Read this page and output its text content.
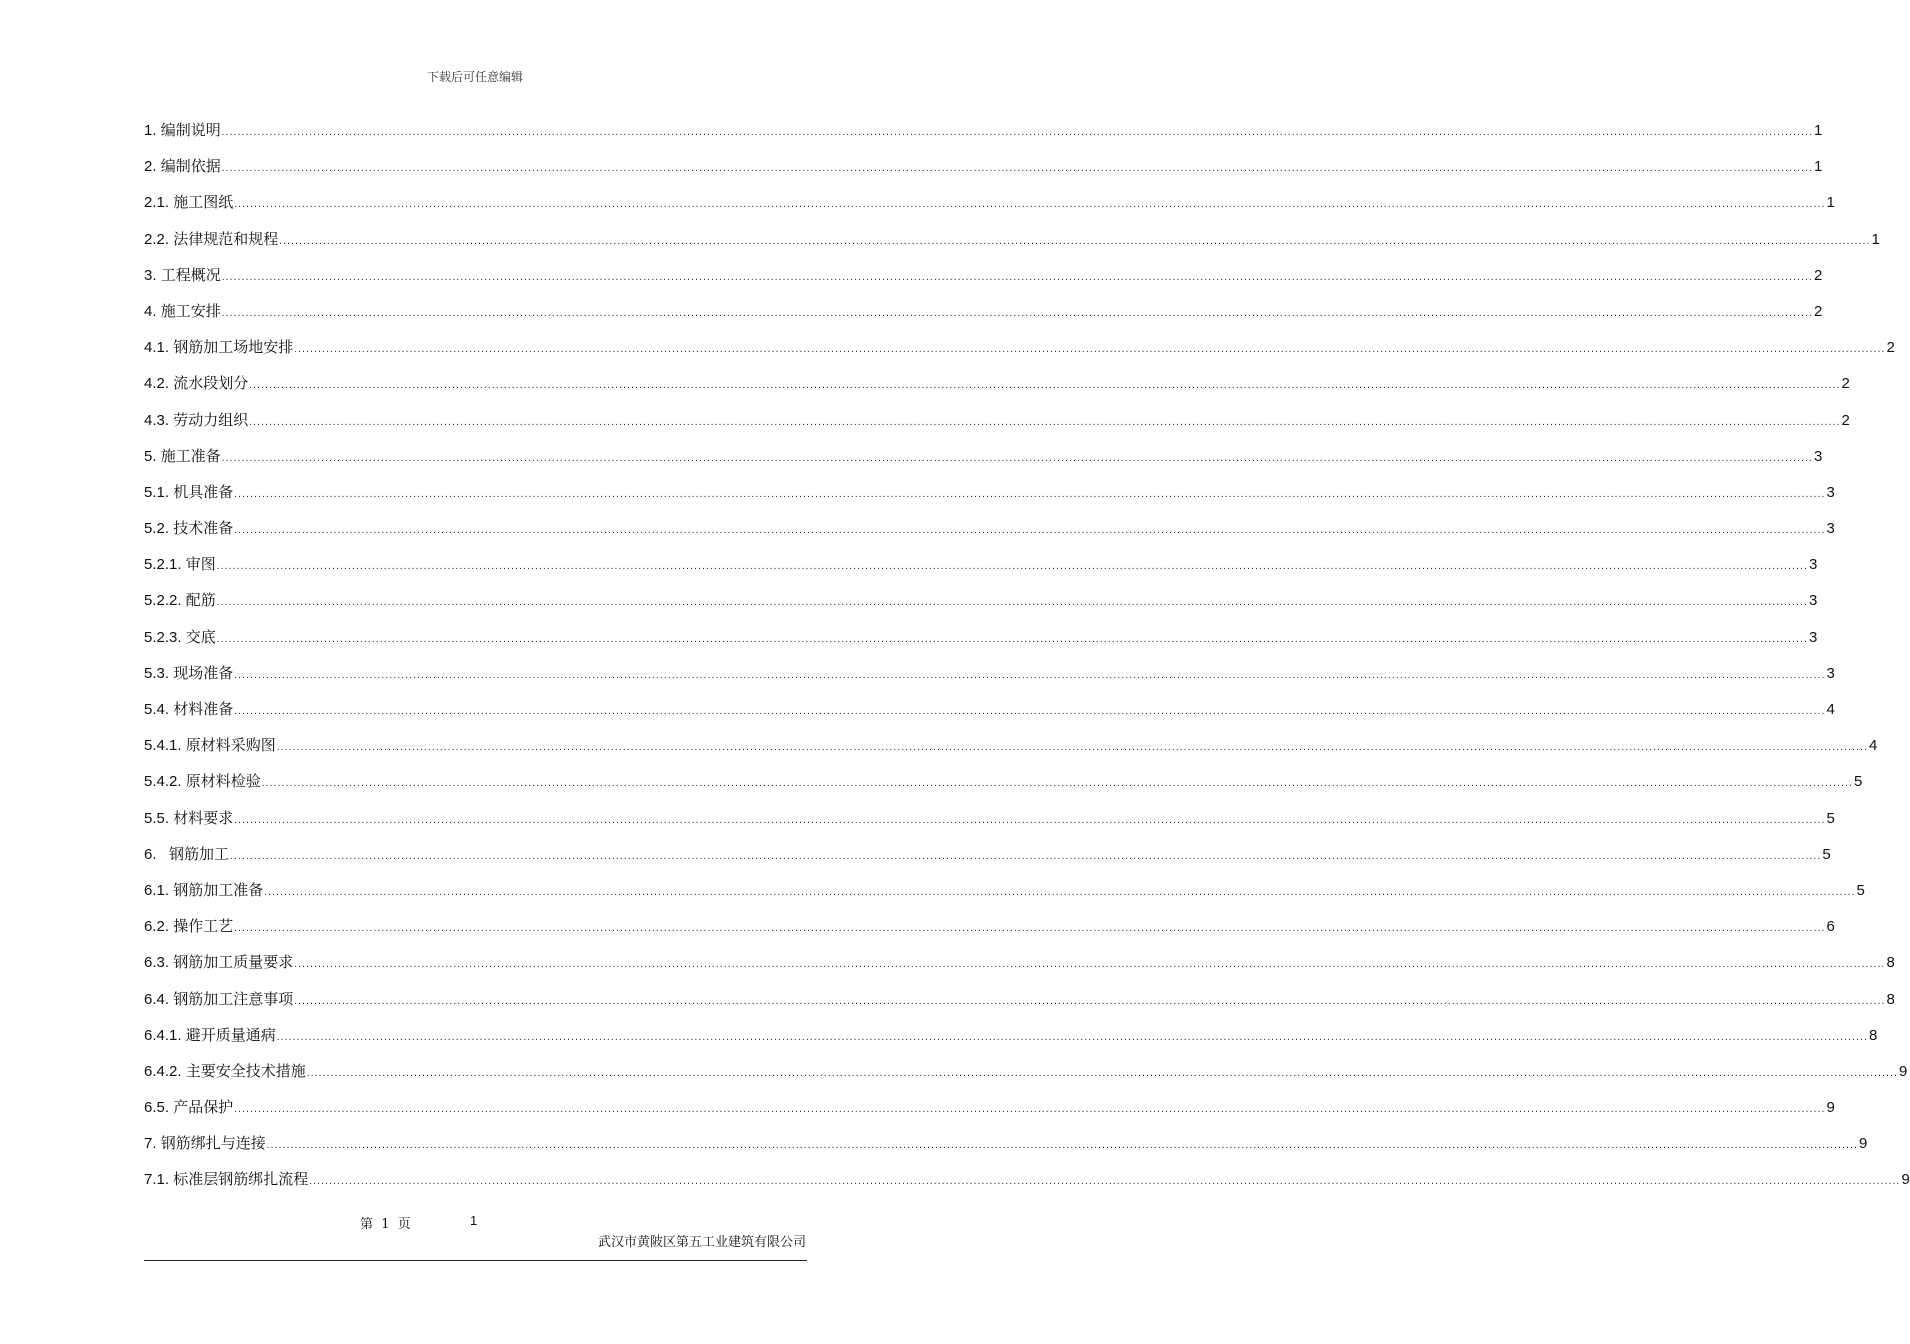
下载后可任意编辑
1. 编制说明 ................................................................................................................................................................................................................................................................................................................................................................................................................ 1
2. 编制依据 ................................................................................................................................................................................................................................................................................................................................................................................................................ 1
2.1. 施工图纸 ................................................................................................................................................................................................................................................................................................................................................................................................................ 1
2.2. 法律规范和规程 ................................................................................................................................................................................................................................................................................................................................................................................................................ 1
3. 工程概况 ................................................................................................................................................................................................................................................................................................................................................................................................................ 2
4. 施工安排 ................................................................................................................................................................................................................................................................................................................................................................................................................ 2
4.1. 钢筋加工场地安排 ................................................................................................................................................................................................................................................................................................................................................................................................................ 2
4.2. 流水段划分 ................................................................................................................................................................................................................................................................................................................................................................................................................ 2
4.3. 劳动力组织 ................................................................................................................................................................................................................................................................................................................................................................................................................ 2
5. 施工准备 ................................................................................................................................................................................................................................................................................................................................................................................................................ 3
5.1. 机具准备 ................................................................................................................................................................................................................................................................................................................................................................................................................ 3
5.2. 技术准备 ................................................................................................................................................................................................................................................................................................................................................................................................................ 3
5.2.1. 审图 ................................................................................................................................................................................................................................................................................................................................................................................................................ 3
5.2.2. 配筋 ................................................................................................................................................................................................................................................................................................................................................................................................................ 3
5.2.3. 交底 ................................................................................................................................................................................................................................................................................................................................................................................................................ 3
5.3. 现场准备 ................................................................................................................................................................................................................................................................................................................................................................................................................ 3
5.4. 材料准备 ................................................................................................................................................................................................................................................................................................................................................................................................................ 4
5.4.1. 原材料采购图 ................................................................................................................................................................................................................................................................................................................................................................................................................ 4
5.4.2. 原材料检验 ................................................................................................................................................................................................................................................................................................................................................................................................................ 5
5.5. 材料要求 ................................................................................................................................................................................................................................................................................................................................................................................................................ 5
6. 钢筋加工 ................................................................................................................................................................................................................................................................................................................................................................................................................ 5
6.1. 钢筋加工准备 ................................................................................................................................................................................................................................................................................................................................................................................................................ 5
6.2. 操作工艺 ................................................................................................................................................................................................................................................................................................................................................................................................................ 6
6.3. 钢筋加工质量要求 ................................................................................................................................................................................................................................................................................................................................................................................................................ 8
6.4. 钢筋加工注意事项 ................................................................................................................................................................................................................................................................................................................................................................................................................ 8
6.4.1. 避开质量通病 ................................................................................................................................................................................................................................................................................................................................................................................................................ 8
6.4.2. 主要安全技术措施 ................................................................................................................................................................................................................................................................................................................................................................................................................ 9
6.5. 产品保护 ................................................................................................................................................................................................................................................................................................................................................................................................................ 9
7. 钢筋绑扎与连接 ................................................................................................................................................................................................................................................................................................................................................................................................................ 9
7.1. 标准层钢筋绑扎流程 ................................................................................................................................................................................................................................................................................................................................................................................................................ 9
第  1  页	1
武汉市黄陂区第五工业建筑有限公司
